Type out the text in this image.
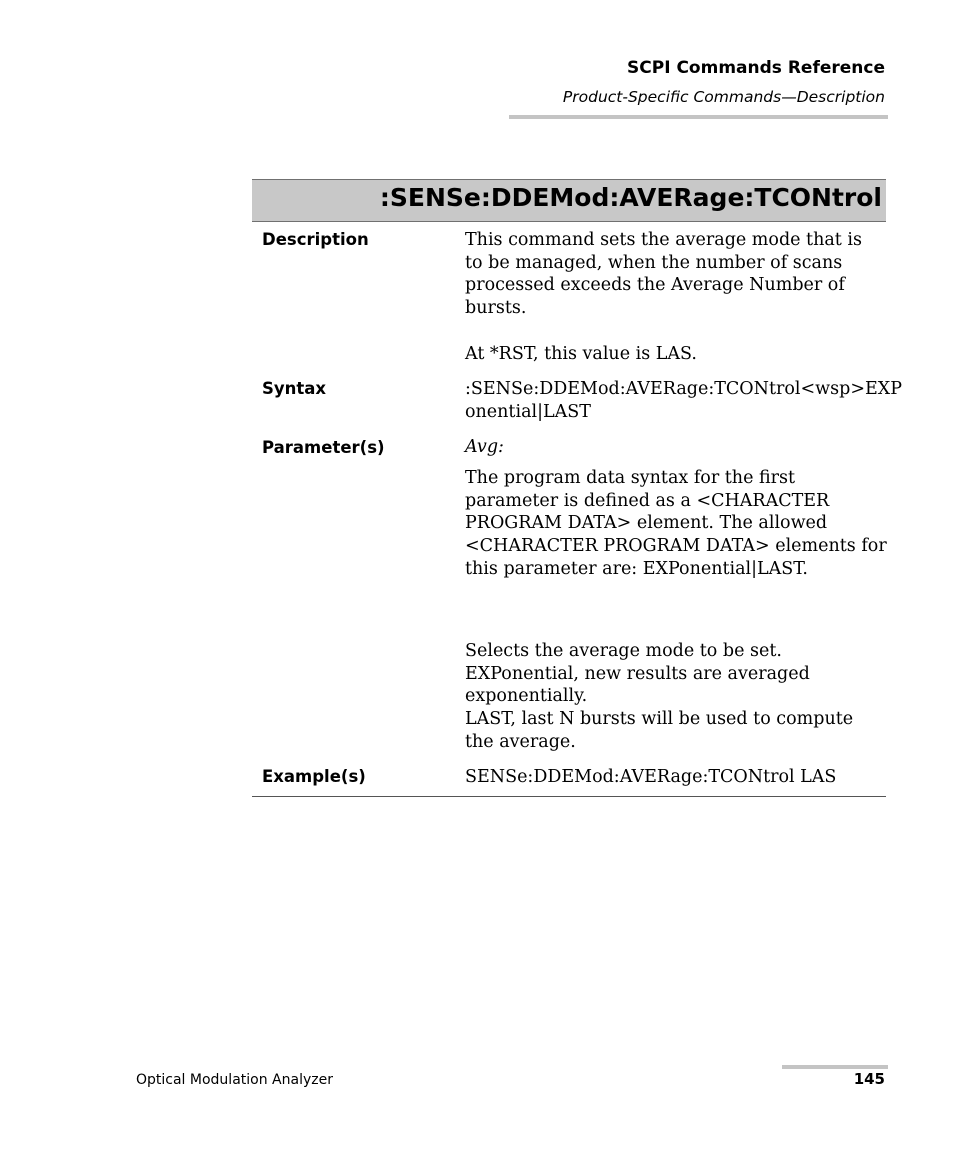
SCPI Commands Reference
Product-Specific Commands—Description
:SENSe:DDEMod:AVERage:TCONtrol
Description	This command sets the average mode that is to be managed, when the number of scans processed exceeds the Average Number of bursts.

At *RST, this value is LAS.

Syntax	:SENSe:DDEMod:AVERage:TCONtrol<wsp>EXP

onential|LAST

Parameter(s)	Avg:
The program data syntax for the first parameter is defined as a <CHARACTER PROGRAM DATA> element. The allowed <CHARACTER PROGRAM DATA> elements for this parameter are: EXPonential|LAST.

Selects the average mode to be set.

EXPonential, new results are averaged exponentially.

LAST, last N bursts will be used to compute the average.

Example(s)	SENSe:DDEMod:AVERage:TCONtrol LAS
Optical Modulation Analyzer	145
